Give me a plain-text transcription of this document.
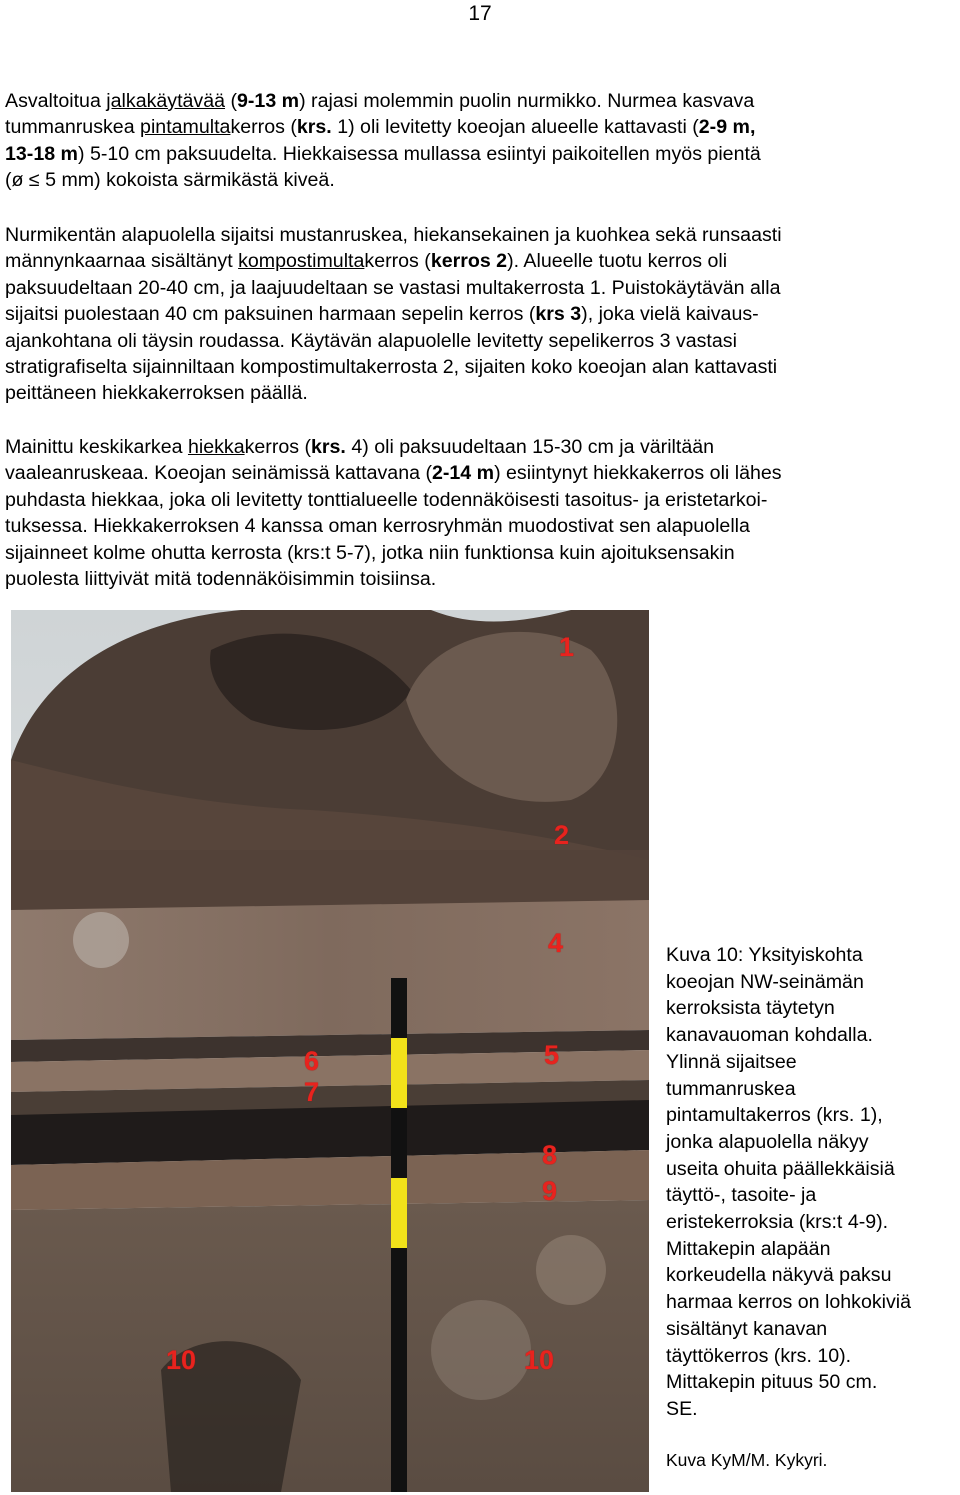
17

Asvaltoitua jalkakäytävää (9-13 m) rajasi molemmin puolin nurmikko. Nurmea kasvava

tummanruskea pintamultakerros (krs. 1) oli levitetty koeojan alueelle kattavasti (2-9 m,

13-18 m) 5-10 cm paksuudelta. Hiekkaisessa mullassa esiintyi paikoitellen myös pientä

(ø ≤ 5 mm) kokoista särmikästä kiveä.

Nurmikentän alapuolella sijaitsi mustanruskea, hiekansekainen ja kuohkea sekä runsaasti

männynkaarnaa sisältänyt kompostimultakerros (kerros 2). Alueelle tuotu kerros oli

paksuudeltaan 20-40 cm, ja laajuudeltaan se vastasi multakerrosta 1. Puistokäytävän alla

sijaitsi puolestaan 40 cm paksuinen harmaan sepelin kerros (krs 3), joka vielä kaivaus-

ajankohtana oli täysin roudassa. Käytävän alapuolelle levitetty sepelikerros 3 vastasi

stratigrafiselta sijainniltaan kompostimultakerrosta 2, sijaiten koko koeojan alan kattavasti

peittäneen hiekkakerroksen päällä.

Mainittu keskikarkea hiekkakerros (krs. 4) oli paksuudeltaan 15-30 cm ja väriltään

vaaleanruskeaa. Koeojan seinämissä kattavana (2-14 m) esiintynyt hiekkakerros oli lähes

puhdasta hiekkaa, joka oli levitetty tonttialueelle todennäköisesti tasoitus- ja eristetarkoi-

tuksessa. Hiekkakerroksen 4 kanssa oman kerrosryhmän muodostivat sen alapuolella

sijainneet kolme ohutta kerrosta (krs:t 5-7), jotka niin funktionsa kuin ajoituksensakin

puolesta liittyivät mitä todennäköisimmin toisiinsa.

1
2
4
5
6
7
8
9
10	10

Kuva 10: Yksityiskohta

koeojan NW-seinämän

kerroksista täytetyn

kanavauoman kohdalla.

Ylinnä sijaitsee

tummanruskea

pintamultakerros (krs. 1),

jonka alapuolella näkyy

useita ohuita päällekkäisiä

täyttö-, tasoite- ja

eristekerroksia (krs:t 4-9).

Mittakepin alapään

korkeudella näkyvä paksu

harmaa kerros on lohkokiviä

sisältänyt kanavan

täyttökerros (krs. 10).

Mittakepin pituus 50 cm.

SE.

Kuva KyM/M. Kykyri.
